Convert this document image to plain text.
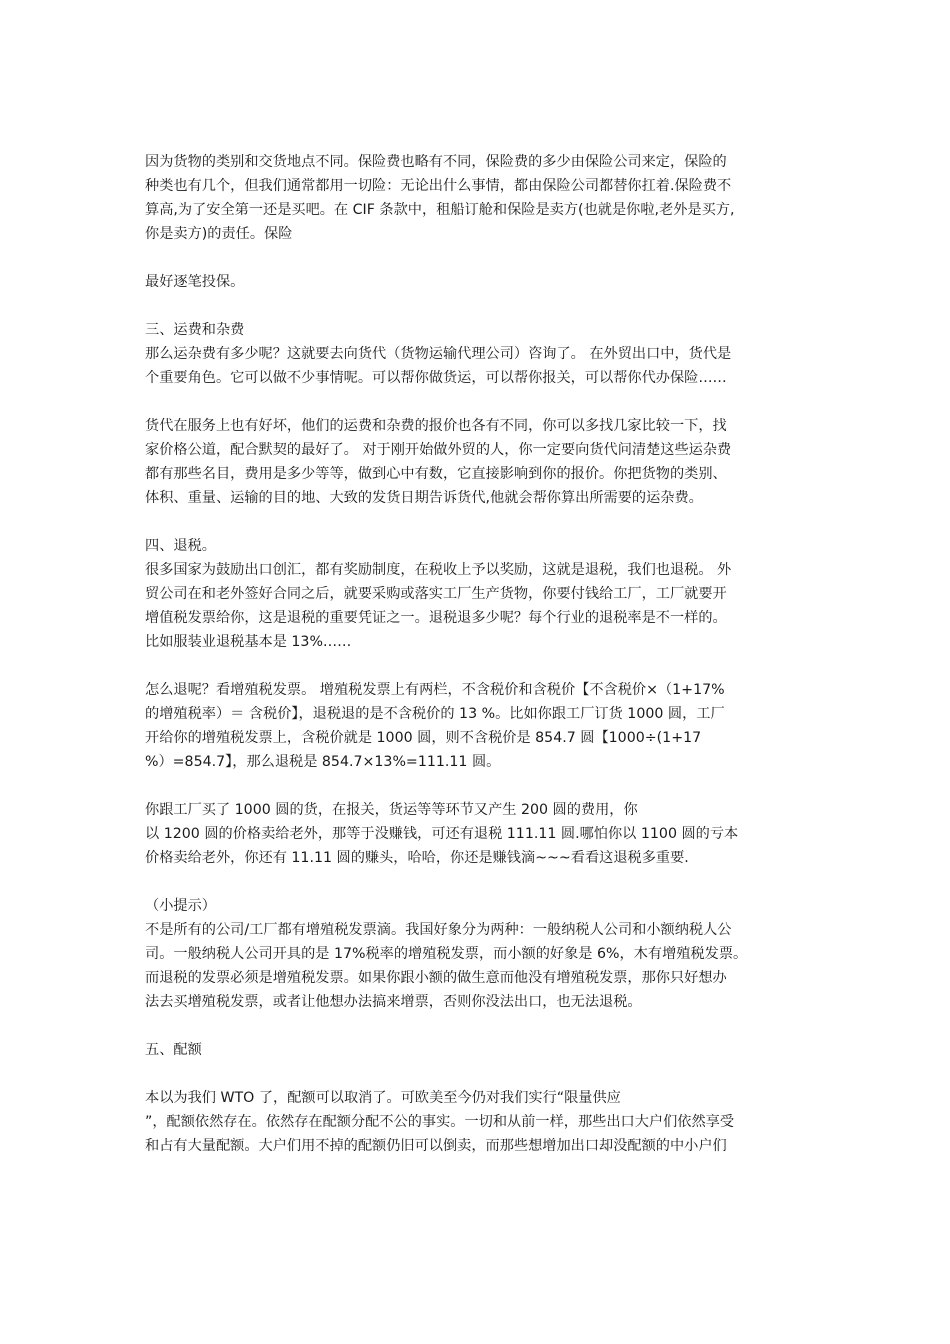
因为货物的类别和交货地点不同。保险费也略有不同，保险费的多少由保险公司来定，保险的
种类也有几个，但我们通常都用一切险：无论出什么事情，都由保险公司都替你扛着.保险费不
算高,为了安全第一还是买吧。在 CIF 条款中，租船订舱和保险是卖方(也就是你啦,老外是买方,
你是卖方)的责任。保险
最好逐笔投保。
三、运费和杂费
那么运杂费有多少呢？这就要去向货代（货物运输代理公司）咨询了。 在外贸出口中，货代是
个重要角色。它可以做不少事情呢。可以帮你做货运，可以帮你报关，可以帮你代办保险……
货代在服务上也有好坏，他们的运费和杂费的报价也各有不同，你可以多找几家比较一下，找
家价格公道，配合默契的最好了。 对于刚开始做外贸的人，你一定要向货代问清楚这些运杂费
都有那些名目，费用是多少等等，做到心中有数，它直接影响到你的报价。你把货物的类别、
体积、重量、运输的目的地、大致的发货日期告诉货代,他就会帮你算出所需要的运杂费。
四、退税。
很多国家为鼓励出口创汇，都有奖励制度，在税收上予以奖励，这就是退税，我们也退税。 外
贸公司在和老外签好合同之后，就要采购或落实工厂生产货物，你要付钱给工厂，工厂就要开
增值税发票给你，这是退税的重要凭证之一。退税退多少呢？每个行业的退税率是不一样的。
比如服装业退税基本是 13%……
怎么退呢？看增殖税发票。 增殖税发票上有两栏，不含税价和含税价【不含税价×（1+17%
的增殖税率）＝ 含税价】，退税退的是不含税价的 13 %。比如你跟工厂订货 1000 圆，工厂
开给你的增殖税发票上，含税价就是 1000 圆，则不含税价是 854.7 圆【1000÷(1+17
%）=854.7】，那么退税是 854.7×13%=111.11 圆。
你跟工厂买了 1000 圆的货，在报关，货运等等环节又产生 200 圆的费用，你
以 1200 圆的价格卖给老外，那等于没赚钱，可还有退税 111.11 圆.哪怕你以 1100 圆的亏本
价格卖给老外，你还有 11.11 圆的赚头，哈哈，你还是赚钱滴~~~看看这退税多重要.
（小提示）
不是所有的公司/工厂都有增殖税发票滴。我国好象分为两种：一般纳税人公司和小额纳税人公
司。一般纳税人公司开具的是 17%税率的增殖税发票，而小额的好象是 6%，木有增殖税发票。
而退税的发票必须是增殖税发票。如果你跟小额的做生意而他没有增殖税发票，那你只好想办
法去买增殖税发票，或者让他想办法搞来增票，否则你没法出口，也无法退税。
五、配额
本以为我们 WTO 了，配额可以取消了。可欧美至今仍对我们实行“限量供应
”，配额依然存在。依然存在配额分配不公的事实。一切和从前一样，那些出口大户们依然享受
和占有大量配额。大户们用不掉的配额仍旧可以倒卖，而那些想增加出口却没配额的中小户们
